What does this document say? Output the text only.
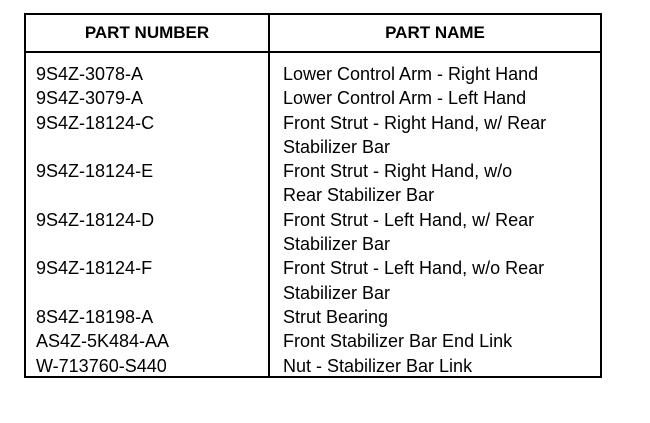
PART NUMBER	PART NAME
9S4Z-3078-A
9S4Z-3079-A
9S4Z-18124-C
9S4Z-18124-E
9S4Z-18124-D
9S4Z-18124-F
8S4Z-18198-A
AS4Z-5K484-AA
W-713760-S440
Lower Control Arm - Right Hand
Lower Control Arm - Left Hand
Front Strut - Right Hand, w/ Rear
Stabilizer Bar
Front Strut - Right Hand, w/o
Rear Stabilizer Bar
Front Strut - Left Hand, w/ Rear
Stabilizer Bar
Front Strut - Left Hand, w/o Rear
Stabilizer Bar
Strut Bearing
Front Stabilizer Bar End Link
Nut - Stabilizer Bar Link
